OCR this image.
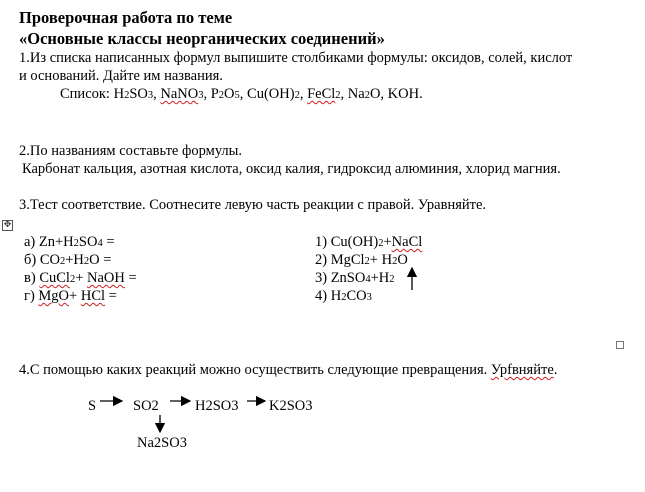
Проверочная работа по теме
«Основные классы неорганических соединений»
1.Из списка написанных формул выпишите столбиками формулы: оксидов, солей, кислот
и оснований. Дайте им названия.
Список: H2SO3, NaNO3, P2O5, Cu(OH)2, FeCl2, Na2O, KOH.
2.По названиям составьте формулы.
Карбонат кальция, азотная кислота, оксид калия, гидроксид алюминия, хлорид магния.
3.Тест соответствие. Соотнесите левую часть реакции с правой. Уравняйте.
✥
а) Zn+H2SO4 =
б) CO2+H2O =
в) CuCl2+ NaOH =
г) MgO+ HCl =
1) Cu(OH)2+NaCl
2) MgCl2+ H2O
3) ZnSO4+H2
4) H2CO3
4.С помощью каких реакций можно осуществить следующие превращения. Урfвняйте.
S	SO2 H2SO3 K2SO3
Na2SO3
